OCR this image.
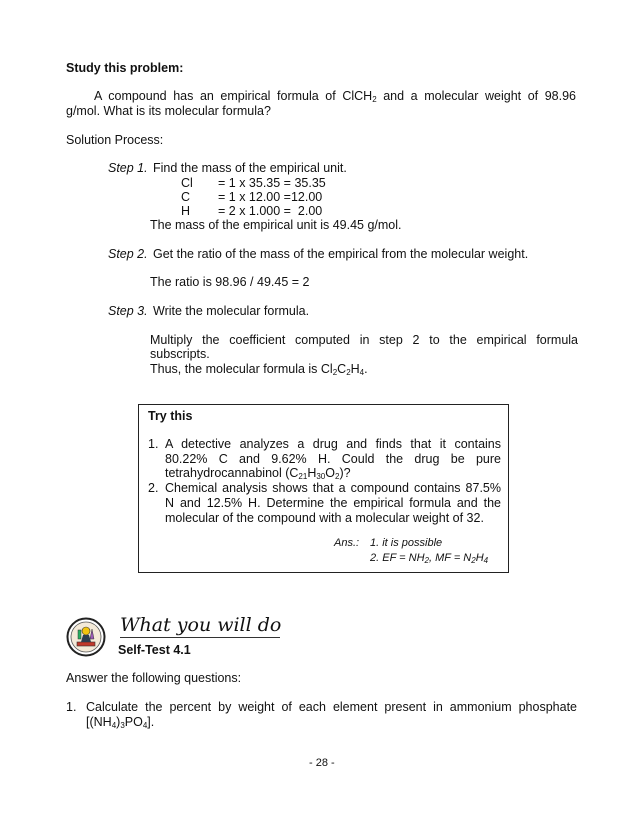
Study this problem:
A compound has an empirical formula of ClCH$_2$ and a molecular weight of 98.96
g/mol. What is its molecular formula?
Solution Process:
Step 1. Find the mass of the empirical unit.
Cl = 1 x 35.35 = 35.35
C = 1 x 12.00 =12.00
H = 2 x 1.000 =  2.00
The mass of the empirical unit is 49.45 g/mol.
Step 2. Get the ratio of the mass of the empirical from the molecular weight.
The ratio is 98.96 / 49.45 = 2
Step 3. Write the molecular formula.
Multiply the coefficient computed in step 2 to the empirical formula
subscripts.
Thus, the molecular formula is $Cl_2C_2H_4$.
Try this
1. A detective analyzes a drug and finds that it contains
80.22% C and 9.62% H. Could the drug be pure
tetrahydrocannabinol $(C_{21}H_{30}O_2)$?
2. Chemical analysis shows that a compound contains 87.5%
N and 12.5% H. Determine the empirical formula and the
molecular of the compound with a molecular weight of 32.
Ans.: 1. it is possible
2. EF = $NH_2$, MF = $N_2H_4$
What you will do
Self-Test 4.1
Answer the following questions:
1. Calculate the percent by weight of each element present in ammonium phosphate
$[(NH_4)_3PO_4]$.
- 28 -
